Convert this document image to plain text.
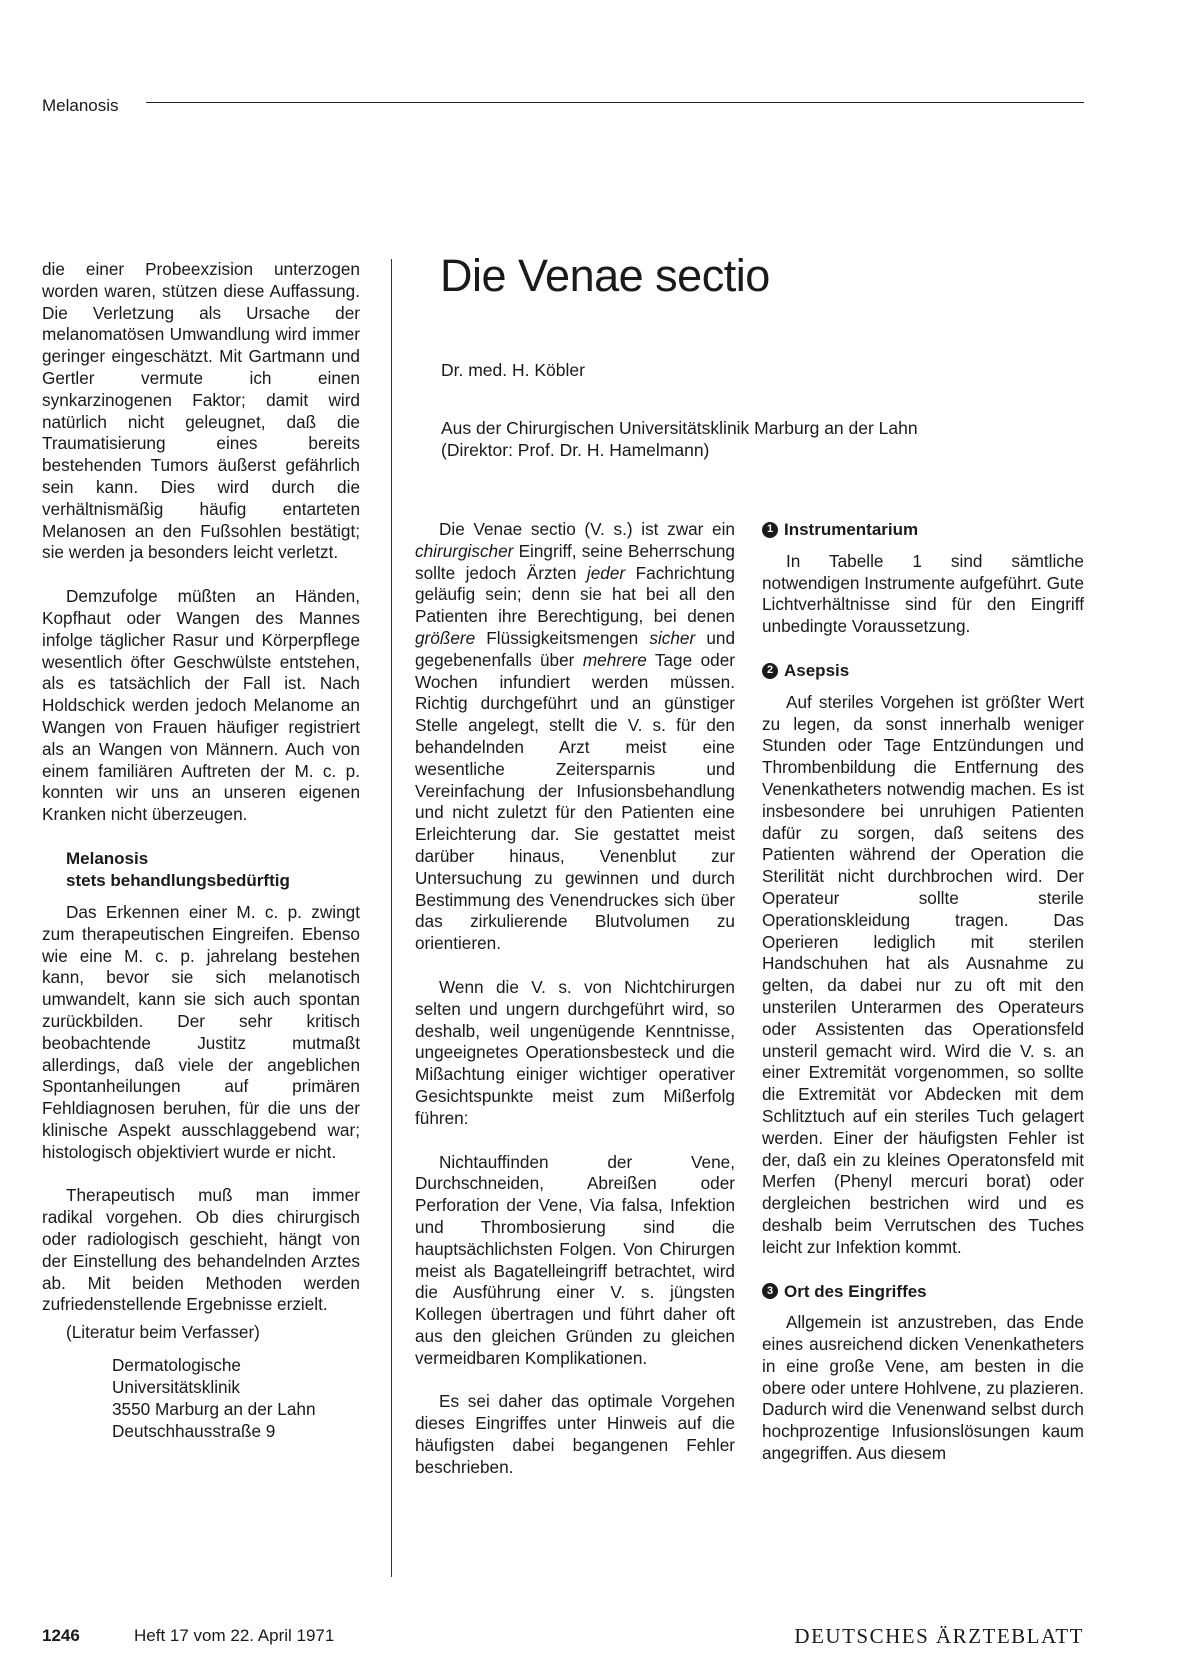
Melanosis

die einer Probeexzision unterzogen worden waren, stützen diese Auffassung. Die Verletzung als Ursache der melanomatösen Umwandlung wird immer geringer eingeschätzt. Mit Gartmann und Gertler vermute ich einen synkarzinogenen Faktor; damit wird natürlich nicht geleugnet, daß die Traumatisierung eines bereits bestehenden Tumors äußerst gefährlich sein kann. Dies wird durch die verhältnismäßig häufig entarteten Melanosen an den Fußsohlen bestätigt; sie werden ja besonders leicht verletzt.

Demzufolge müßten an Händen, Kopfhaut oder Wangen des Mannes infolge täglicher Rasur und Körperpflege wesentlich öfter Geschwülste entstehen, als es tatsächlich der Fall ist. Nach Holdschick werden jedoch Melanome an Wangen von Frauen häufiger registriert als an Wangen von Männern. Auch von einem familiären Auftreten der M. c. p. konnten wir uns an unseren eigenen Kranken nicht überzeugen.

Melanosis
stets behandlungsbedürftig

Das Erkennen einer M. c. p. zwingt zum therapeutischen Eingreifen. Ebenso wie eine M. c. p. jahrelang bestehen kann, bevor sie sich melanotisch umwandelt, kann sie sich auch spontan zurückbilden. Der sehr kritisch beobachtende Justitz mutmaßt allerdings, daß viele der angeblichen Spontanheilungen auf primären Fehldiagnosen beruhen, für die uns der klinische Aspekt ausschlaggebend war; histologisch objektiviert wurde er nicht.

Therapeutisch muß man immer radikal vorgehen. Ob dies chirurgisch oder radiologisch geschieht, hängt von der Einstellung des behandelnden Arztes ab. Mit beiden Methoden werden zufriedenstellende Ergebnisse erzielt.

(Literatur beim Verfasser)

Dermatologische
Universitätsklinik
3550 Marburg an der Lahn
Deutschhausstraße 9
Die Venae sectio
Dr. med. H. Köbler
Aus der Chirurgischen Universitätsklinik Marburg an der Lahn
(Direktor: Prof. Dr. H. Hamelmann)

Die Venae sectio (V. s.) ist zwar ein chirurgischer Eingriff, seine Beherrschung sollte jedoch Ärzten jeder Fachrichtung geläufig sein; denn sie hat bei all den Patienten ihre Berechtigung, bei denen größere Flüssigkeitsmengen sicher und gegebenenfalls über mehrere Tage oder Wochen infundiert werden müssen. Richtig durchgeführt und an günstiger Stelle angelegt, stellt die V. s. für den behandelnden Arzt meist eine wesentliche Zeitersparnis und Vereinfachung der Infusionsbehandlung und nicht zuletzt für den Patienten eine Erleichterung dar. Sie gestattet meist darüber hinaus, Venenblut zur Untersuchung zu gewinnen und durch Bestimmung des Venendruckes sich über das zirkulierende Blutvolumen zu orientieren.

Wenn die V. s. von Nichtchirurgen selten und ungern durchgeführt wird, so deshalb, weil ungenügende Kenntnisse, ungeeignetes Operationsbesteck und die Mißachtung einiger wichtiger operativer Gesichtspunkte meist zum Mißerfolg führen:

Nichtauffinden der Vene, Durchschneiden, Abreißen oder Perforation der Vene, Via falsa, Infektion und Thrombosierung sind die hauptsächlichsten Folgen. Von Chirurgen meist als Bagatelleingriff betrachtet, wird die Ausführung einer V. s. jüngsten Kollegen übertragen und führt daher oft aus den gleichen Gründen zu gleichen vermeidbaren Komplikationen.

Es sei daher das optimale Vorgehen dieses Eingriffes unter Hinweis auf die häufigsten dabei begangenen Fehler beschrieben.

1 Instrumentarium

In Tabelle 1 sind sämtliche notwendigen Instrumente aufgeführt. Gute Lichtverhältnisse sind für den Eingriff unbedingte Voraussetzung.

2 Asepsis

Auf steriles Vorgehen ist größter Wert zu legen, da sonst innerhalb weniger Stunden oder Tage Entzündungen und Thrombenbildung die Entfernung des Venenkatheters notwendig machen. Es ist insbesondere bei unruhigen Patienten dafür zu sorgen, daß seitens des Patienten während der Operation die Sterilität nicht durchbrochen wird. Der Operateur sollte sterile Operationskleidung tragen. Das Operieren lediglich mit sterilen Handschuhen hat als Ausnahme zu gelten, da dabei nur zu oft mit den unsterilen Unterarmen des Operateurs oder Assistenten das Operationsfeld unsteril gemacht wird. Wird die V. s. an einer Extremität vorgenommen, so sollte die Extremität vor Abdecken mit dem Schlitztuch auf ein steriles Tuch gelagert werden. Einer der häufigsten Fehler ist der, daß ein zu kleines Operatonsfeld mit Merfen (Phenyl mercuri borat) oder dergleichen bestrichen wird und es deshalb beim Verrutschen des Tuches leicht zur Infektion kommt.

3 Ort des Eingriffes

Allgemein ist anzustreben, das Ende eines ausreichend dicken Venenkatheters in eine große Vene, am besten in die obere oder untere Hohlvene, zu plazieren. Dadurch wird die Venenwand selbst durch hochprozentige Infusionslösungen kaum angegriffen. Aus diesem

1246	Heft 17 vom 22. April 1971	DEUTSCHES ÄRZTEBLATT
